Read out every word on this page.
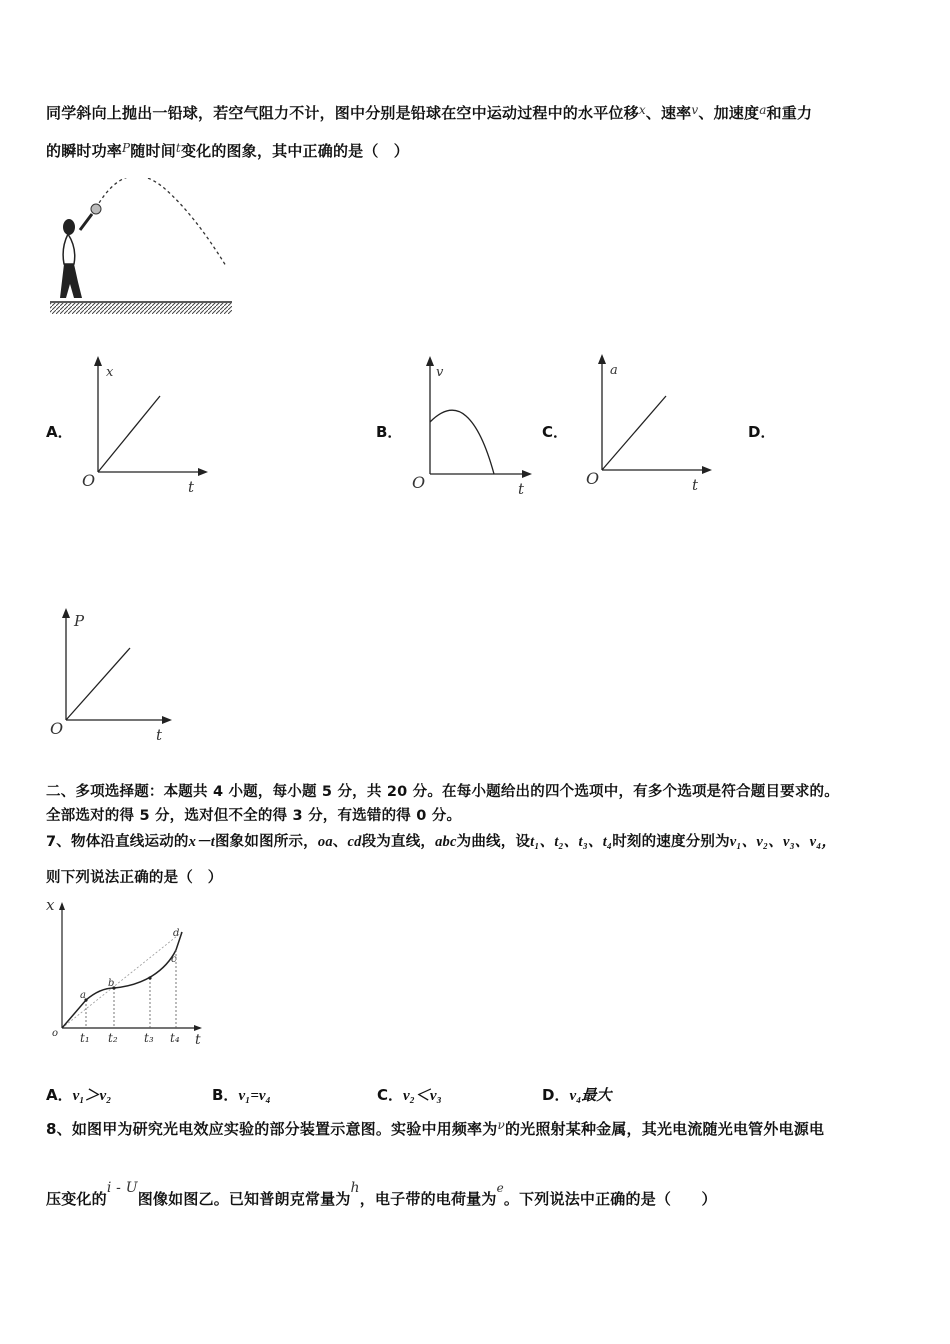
同学斜向上抛出一铅球，若空气阻力不计，图中分别是铅球在空中运动过程中的水平位移$^x$、速率$^v$、加速度$^a$和重力
的瞬时功率$^P$随时间$^t$变化的图象，其中正确的是（　）
A．	B．	C．	D．
x
O	t
v
O	t
a
O	t
P
O	t
二、多项选择题：本题共 4 小题，每小题 5 分，共 20 分。在每小题给出的四个选项中，有多个选项是符合题目要求的。
全部选对的得 5 分，选对但不全的得 3 分，有选错的得 0 分。
7、物体沿直线运动的x－t图象如图所示，oa、cd段为直线，abc为曲线，设t₁、t₂、t₃、t₄时刻的速度分别为v₁、v₂、v₃、v₄，
则下列说法正确的是（　）
x
o	t
a
b
c
d
t₁ t₂ t₃ t₄
A．v₁＞v₂	B．v₁=v₄	C．v₂＜v₃	D．v₄最大
8、如图甲为研究光电效应实验的部分装置示意图。实验中用频率为$^\nu$的光照射某种金属，其光电流随光电管外电源电
压变化的i - U图像如图乙。已知普朗克常量为h，电子带的电荷量为$^e$。下列说法中正确的是（　　）
